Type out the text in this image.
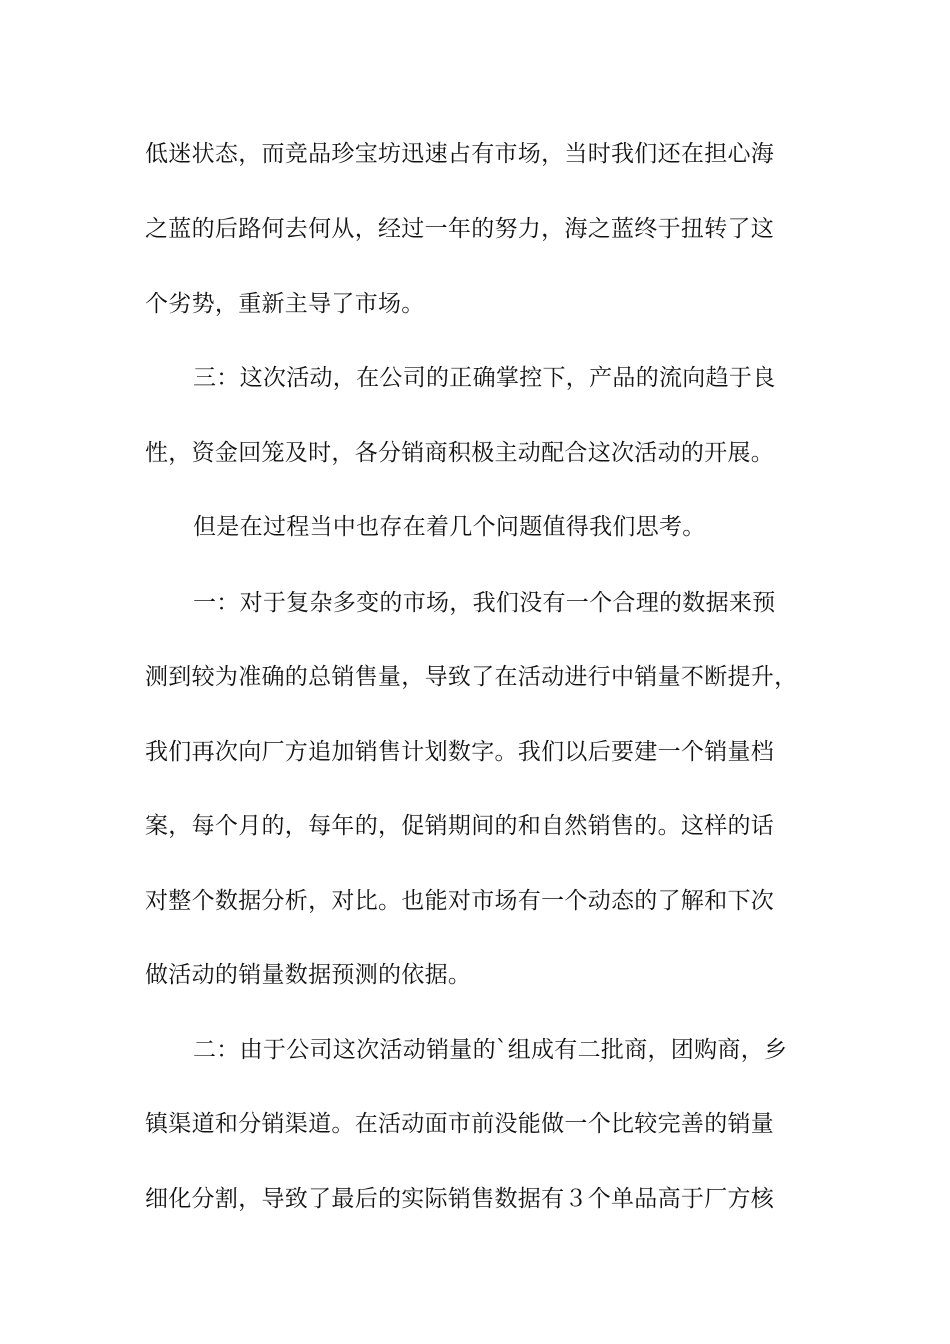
低迷状态，而竞品珍宝坊迅速占有市场，当时我们还在担心海
之蓝的后路何去何从，经过一年的努力，海之蓝终于扭转了这
个劣势，重新主导了市场。
三：这次活动，在公司的正确掌控下，产品的流向趋于良
性，资金回笼及时，各分销商积极主动配合这次活动的开展。
但是在过程当中也存在着几个问题值得我们思考。
一：对于复杂多变的市场，我们没有一个合理的数据来预
测到较为准确的总销售量，导致了在活动进行中销量不断提升，
我们再次向厂方追加销售计划数字。我们以后要建一个销量档
案，每个月的，每年的，促销期间的和自然销售的。这样的话
对整个数据分析，对比。也能对市场有一个动态的了解和下次
做活动的销量数据预测的依据。
二：由于公司这次活动销量的`组成有二批商，团购商，乡
镇渠道和分销渠道。在活动面市前没能做一个比较完善的销量
细化分割，导致了最后的实际销售数据有３个单品高于厂方核
